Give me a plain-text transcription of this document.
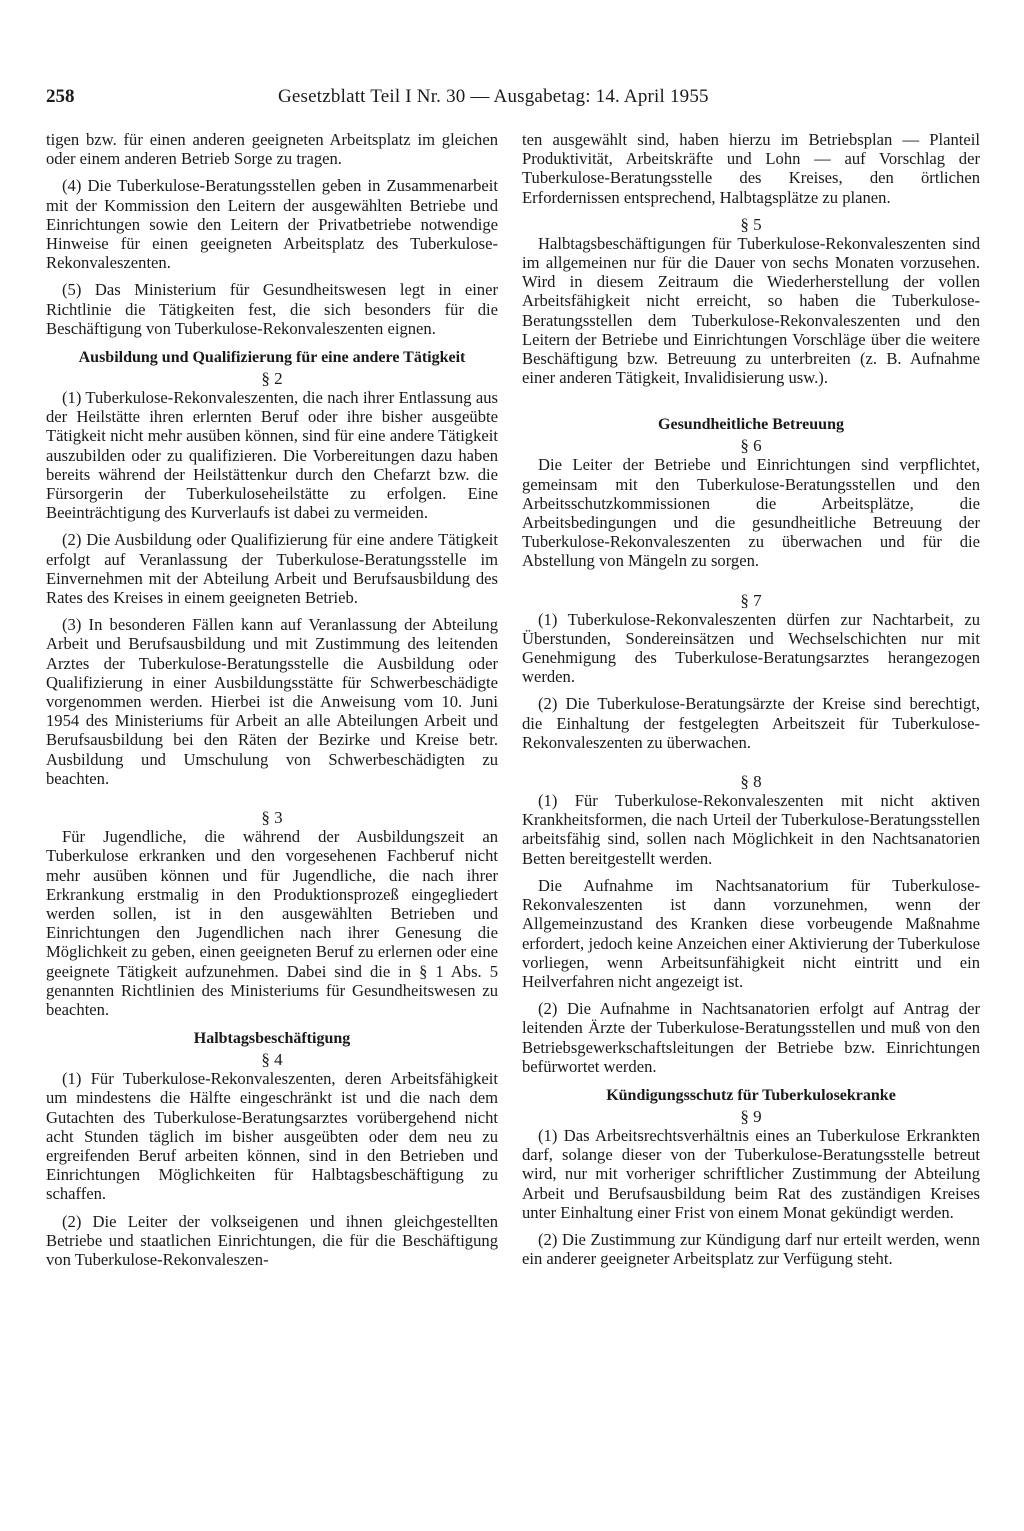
258	Gesetzblatt Teil I Nr. 30 — Ausgabetag: 14. April 1955

tigen bzw. für einen anderen geeigneten Arbeitsplatz im gleichen oder einem anderen Betrieb Sorge zu tragen.

(4) Die Tuberkulose-Beratungsstellen geben in Zusammenarbeit mit der Kommission den Leitern der ausgewählten Betriebe und Einrichtungen sowie den Leitern der Privatbetriebe notwendige Hinweise für einen geeigneten Arbeitsplatz des Tuberkulose-Rekonvaleszenten.

(5) Das Ministerium für Gesundheitswesen legt in einer Richtlinie die Tätigkeiten fest, die sich besonders für die Beschäftigung von Tuberkulose-Rekonvaleszenten eignen.

Ausbildung und Qualifizierung für eine andere Tätigkeit
§ 2

(1) Tuberkulose-Rekonvaleszenten, die nach ihrer Entlassung aus der Heilstätte ihren erlernten Beruf oder ihre bisher ausgeübte Tätigkeit nicht mehr ausüben können, sind für eine andere Tätigkeit auszubilden oder zu qualifizieren. Die Vorbereitungen dazu haben bereits während der Heilstättenkur durch den Chefarzt bzw. die Fürsorgerin der Tuberkuloseheilstätte zu erfolgen. Eine Beeinträchtigung des Kurverlaufs ist dabei zu vermeiden.

(2) Die Ausbildung oder Qualifizierung für eine andere Tätigkeit erfolgt auf Veranlassung der Tuberkulose-Beratungsstelle im Einvernehmen mit der Abteilung Arbeit und Berufsausbildung des Rates des Kreises in einem geeigneten Betrieb.

(3) In besonderen Fällen kann auf Veranlassung der Abteilung Arbeit und Berufsausbildung und mit Zustimmung des leitenden Arztes der Tuberkulose-Beratungsstelle die Ausbildung oder Qualifizierung in einer Ausbildungsstätte für Schwerbeschädigte vorgenommen werden. Hierbei ist die Anweisung vom 10. Juni 1954 des Ministeriums für Arbeit an alle Abteilungen Arbeit und Berufsausbildung bei den Räten der Bezirke und Kreise betr. Ausbildung und Umschulung von Schwerbeschädigten zu beachten.

§ 3

Für Jugendliche, die während der Ausbildungszeit an Tuberkulose erkranken und den vorgesehenen Fachberuf nicht mehr ausüben können und für Jugendliche, die nach ihrer Erkrankung erstmalig in den Produktionsprozeß eingegliedert werden sollen, ist in den ausgewählten Betrieben und Einrichtungen den Jugendlichen nach ihrer Genesung die Möglichkeit zu geben, einen geeigneten Beruf zu erlernen oder eine geeignete Tätigkeit aufzunehmen. Dabei sind die in § 1 Abs. 5 genannten Richtlinien des Ministeriums für Gesundheitswesen zu beachten.

Halbtagsbeschäftigung
§ 4

(1) Für Tuberkulose-Rekonvaleszenten, deren Arbeitsfähigkeit um mindestens die Hälfte eingeschränkt ist und die nach dem Gutachten des Tuberkulose-Beratungsarztes vorübergehend nicht acht Stunden täglich im bisher ausgeübten oder dem neu zu ergreifenden Beruf arbeiten können, sind in den Betrieben und Einrichtungen Möglichkeiten für Halbtagsbeschäftigung zu schaffen.

(2) Die Leiter der volkseigenen und ihnen gleichgestellten Betriebe und staatlichen Einrichtungen, die für die Beschäftigung von Tuberkulose-Rekonvaleszen-

ten ausgewählt sind, haben hierzu im Betriebsplan — Planteil Produktivität, Arbeitskräfte und Lohn — auf Vorschlag der Tuberkulose-Beratungsstelle des Kreises, den örtlichen Erfordernissen entsprechend, Halbtagsplätze zu planen.

§ 5

Halbtagsbeschäftigungen für Tuberkulose-Rekonvaleszenten sind im allgemeinen nur für die Dauer von sechs Monaten vorzusehen. Wird in diesem Zeitraum die Wiederherstellung der vollen Arbeitsfähigkeit nicht erreicht, so haben die Tuberkulose-Beratungsstellen dem Tuberkulose-Rekonvaleszenten und den Leitern der Betriebe und Einrichtungen Vorschläge über die weitere Beschäftigung bzw. Betreuung zu unterbreiten (z. B. Aufnahme einer anderen Tätigkeit, Invalidisierung usw.).

Gesundheitliche Betreuung
§ 6

Die Leiter der Betriebe und Einrichtungen sind verpflichtet, gemeinsam mit den Tuberkulose-Beratungsstellen und den Arbeitsschutzkommissionen die Arbeitsplätze, die Arbeitsbedingungen und die gesundheitliche Betreuung der Tuberkulose-Rekonvaleszenten zu überwachen und für die Abstellung von Mängeln zu sorgen.

§ 7

(1) Tuberkulose-Rekonvaleszenten dürfen zur Nachtarbeit, zu Überstunden, Sondereinsätzen und Wechselschichten nur mit Genehmigung des Tuberkulose-Beratungsarztes herangezogen werden.

(2) Die Tuberkulose-Beratungsärzte der Kreise sind berechtigt, die Einhaltung der festgelegten Arbeitszeit für Tuberkulose-Rekonvaleszenten zu überwachen.

§ 8

(1) Für Tuberkulose-Rekonvaleszenten mit nicht aktiven Krankheitsformen, die nach Urteil der Tuberkulose-Beratungsstellen arbeitsfähig sind, sollen nach Möglichkeit in den Nachtsanatorien Betten bereitgestellt werden.

Die Aufnahme im Nachtsanatorium für Tuberkulose-Rekonvaleszenten ist dann vorzunehmen, wenn der Allgemeinzustand des Kranken diese vorbeugende Maßnahme erfordert, jedoch keine Anzeichen einer Aktivierung der Tuberkulose vorliegen, wenn Arbeitsunfähigkeit nicht eintritt und ein Heilverfahren nicht angezeigt ist.

(2) Die Aufnahme in Nachtsanatorien erfolgt auf Antrag der leitenden Ärzte der Tuberkulose-Beratungsstellen und muß von den Betriebsgewerkschaftsleitungen der Betriebe bzw. Einrichtungen befürwortet werden.

Kündigungsschutz für Tuberkulosekranke
§ 9

(1) Das Arbeitsrechtsverhältnis eines an Tuberkulose Erkrankten darf, solange dieser von der Tuberkulose-Beratungsstelle betreut wird, nur mit vorheriger schriftlicher Zustimmung der Abteilung Arbeit und Berufsausbildung beim Rat des zuständigen Kreises unter Einhaltung einer Frist von einem Monat gekündigt werden.

(2) Die Zustimmung zur Kündigung darf nur erteilt werden, wenn ein anderer geeigneter Arbeitsplatz zur Verfügung steht.
